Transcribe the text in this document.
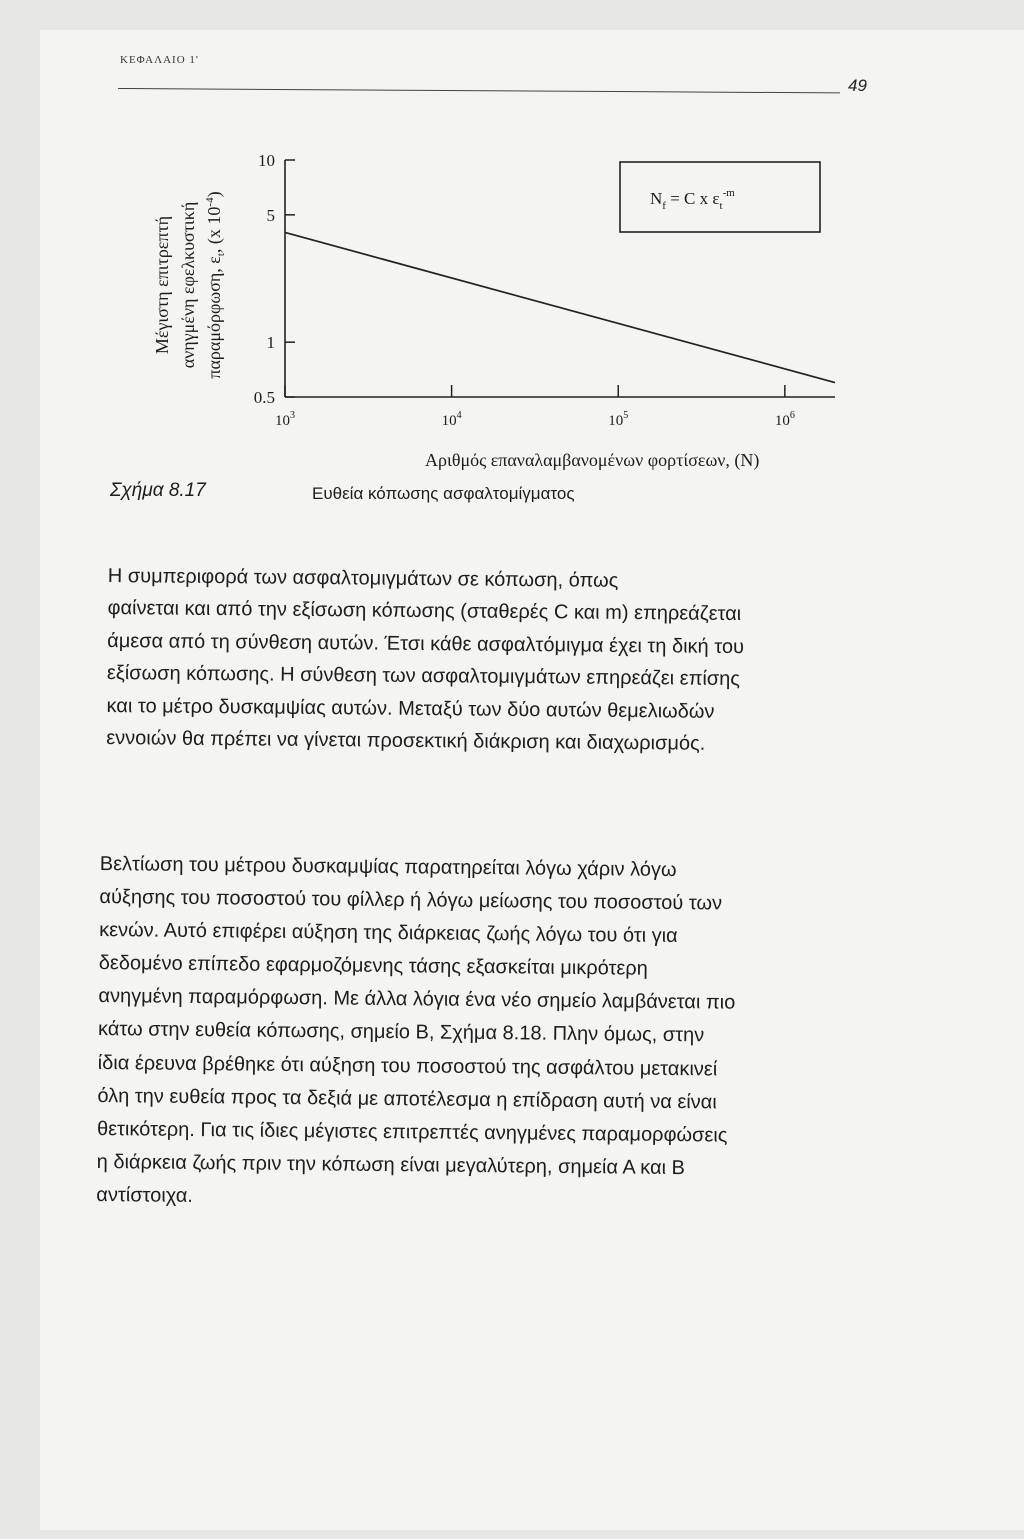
ΚΕΦΑΛΑΙΟ 1'
49
Μέγιστη επιτρεπτή ανηγμένη εφελκυστική παραμόρφωση, $\varepsilon_t$, (x $10^{-4}$)
10
5
1
0.5
$10^3$	$10^4$	$10^5$	$10^6$
$N_f = C$ x $\varepsilon_t^{-m}$
Αριθμός επαναλαμβανομένων φορτίσεων, (N)
Σχήμα 8.17	Ευθεία κόπωσης ασφαλτομίγματος
Η συμπεριφορά των ασφαλτομιγμάτων σε κόπωση, όπως
φαίνεται και από την εξίσωση κόπωσης (σταθερές C και m) επηρεάζεται
άμεσα από τη σύνθεση αυτών. Έτσι κάθε ασφαλτόμιγμα έχει τη δική του
εξίσωση κόπωσης. Η σύνθεση των ασφαλτομιγμάτων επηρεάζει επίσης
και το μέτρο δυσκαμψίας αυτών. Μεταξύ των δύο αυτών θεμελιωδών
εννοιών θα πρέπει να γίνεται προσεκτική διάκριση και διαχωρισμός.
Βελτίωση του μέτρου δυσκαμψίας παρατηρείται λόγω χάριν λόγω
αύξησης του ποσοστού του φίλλερ ή λόγω μείωσης του ποσοστού των
κενών. Αυτό επιφέρει αύξηση της διάρκειας ζωής λόγω του ότι για
δεδομένο επίπεδο εφαρμοζόμενης τάσης εξασκείται μικρότερη
ανηγμένη παραμόρφωση. Με άλλα λόγια ένα νέο σημείο λαμβάνεται πιο
κάτω στην ευθεία κόπωσης, σημείο Β, Σχήμα 8.18. Πλην όμως, στην
ίδια έρευνα βρέθηκε ότι αύξηση του ποσοστού της ασφάλτου μετακινεί
όλη την ευθεία προς τα δεξιά με αποτέλεσμα η επίδραση αυτή να είναι
θετικότερη. Για τις ίδιες μέγιστες επιτρεπτές ανηγμένες παραμορφώσεις
η διάρκεια ζωής πριν την κόπωση είναι μεγαλύτερη, σημεία Α και Β
αντίστοιχα.
